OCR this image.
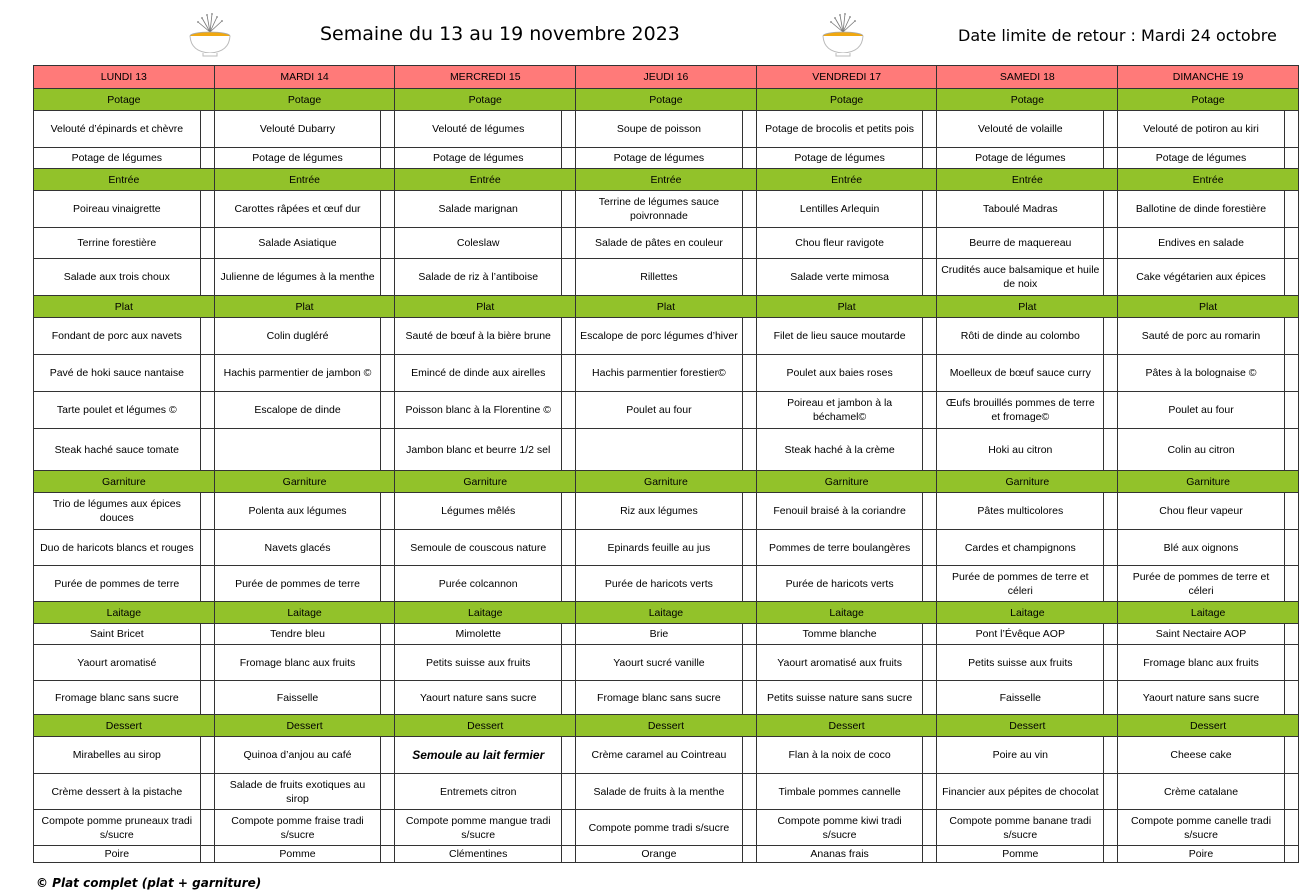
Semaine du 13 au 19 novembre 2023	Date limite de retour : Mardi 24 octobre
LUNDI 13		MARDI 14		MERCREDI 15		JEUDI 16		VENDREDI 17		SAMEDI 18		DIMANCHE 19	
Potage		Potage		Potage		Potage		Potage		Potage		Potage	
Velouté d’épinards et chèvre		Velouté Dubarry		Velouté de légumes		Soupe de poisson		Potage de brocolis et petits pois		Velouté de volaille		Velouté de potiron au kiri	
Potage de légumes		Potage de légumes		Potage de légumes		Potage de légumes		Potage de légumes		Potage de légumes		Potage de légumes	
Entrée		Entrée		Entrée		Entrée		Entrée		Entrée		Entrée	
Poireau vinaigrette		Carottes râpées et œuf dur		Salade marignan		Terrine de légumes sauce poivronnade		Lentilles Arlequin		Taboulé Madras		Ballotine de dinde forestière	
Terrine forestière		Salade Asiatique		Coleslaw		Salade de pâtes en couleur		Chou fleur ravigote		Beurre de maquereau		Endives en salade	
Salade aux trois choux		Julienne de légumes à la menthe		Salade de riz à l’antiboise		Rillettes		Salade verte mimosa		Crudités auce balsamique et huile de noix		Cake végétarien aux épices	
Plat		Plat		Plat		Plat		Plat		Plat		Plat	
Fondant de porc aux navets		Colin dugléré		Sauté de bœuf à la bière brune		Escalope de porc légumes d’hiver		Filet de lieu sauce moutarde		Rôti de dinde au colombo		Sauté de porc au romarin	
Pavé de hoki sauce nantaise		Hachis parmentier de jambon ©		Emincé de dinde aux airelles		Hachis parmentier forestier©		Poulet aux baies roses		Moelleux de bœuf sauce curry		Pâtes à la bolognaise ©	
Tarte poulet et légumes ©		Escalope de dinde		Poisson blanc à la Florentine ©		Poulet au four		Poireau et jambon à la béchamel©		Œufs brouillés pommes de terre et fromage©		Poulet au four	
Steak haché sauce tomate				Jambon blanc et beurre 1/2 sel				Steak haché à la crème		Hoki au citron		Colin au citron	
Garniture		Garniture		Garniture		Garniture		Garniture		Garniture		Garniture	
Trio de légumes aux épices douces		Polenta aux légumes		Légumes mêlés		Riz aux légumes		Fenouil braisé à la coriandre		Pâtes multicolores		Chou fleur vapeur	
Duo de haricots blancs et rouges		Navets glacés		Semoule de couscous nature		Epinards feuille au jus		Pommes de terre boulangères		Cardes et champignons		Blé aux oignons	
Purée de pommes de terre		Purée de pommes de terre		Purée colcannon		Purée de haricots verts		Purée de haricots verts		Purée de pommes de terre et céleri		Purée de pommes de terre et céleri	
Laitage		Laitage		Laitage		Laitage		Laitage		Laitage		Laitage	
Saint Bricet		Tendre bleu		Mimolette		Brie		Tomme blanche		Pont l’Évêque AOP		Saint Nectaire AOP	
Yaourt aromatisé		Fromage blanc aux fruits		Petits suisse aux fruits		Yaourt sucré vanille		Yaourt aromatisé aux fruits		Petits suisse aux fruits		Fromage blanc aux fruits	
Fromage blanc sans sucre		Faisselle		Yaourt nature sans sucre		Fromage blanc sans sucre		Petits suisse nature sans sucre		Faisselle		Yaourt nature sans sucre	
Dessert		Dessert		Dessert		Dessert		Dessert		Dessert		Dessert	
Mirabelles au sirop		Quinoa d’anjou au café		Semoule au lait fermier		Crème caramel au Cointreau		Flan à la noix de coco		Poire au vin		Cheese cake	
Crème dessert à la pistache		Salade de fruits exotiques au sirop		Entremets citron		Salade de fruits à la menthe		Timbale pommes cannelle		Financier aux pépites de chocolat		Crème catalane	
Compote pomme pruneaux tradi s/sucre		Compote pomme fraise tradi s/sucre		Compote pomme mangue tradi s/sucre		Compote pomme tradi s/sucre		Compote pomme kiwi tradi s/sucre		Compote pomme banane tradi s/sucre		Compote pomme canelle tradi s/sucre	
Poire		Pomme		Clémentines		Orange		Ananas frais		Pomme		Poire	
© Plat complet (plat + garniture)
